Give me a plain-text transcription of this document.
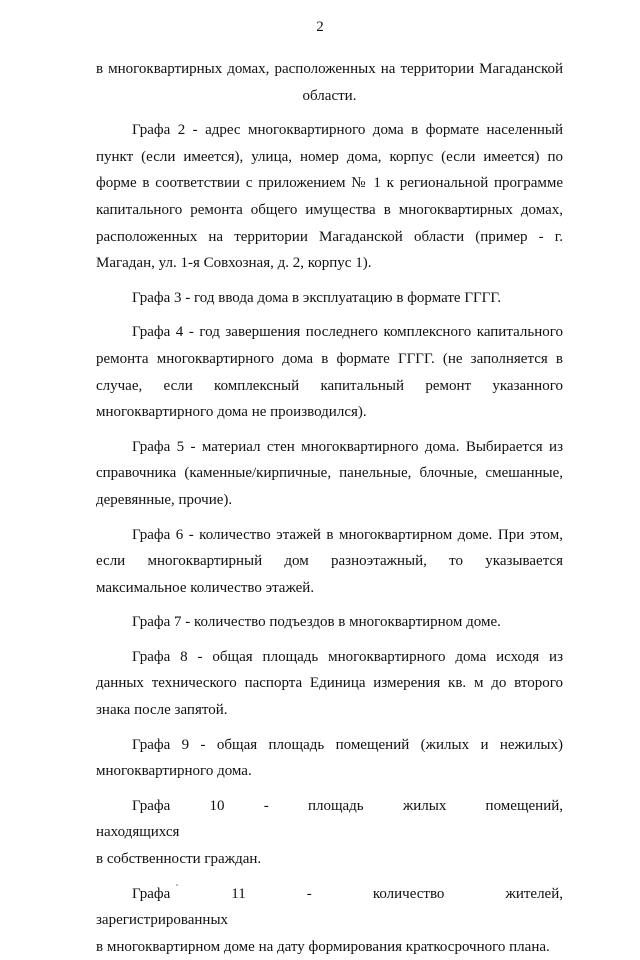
2

в многоквартирных домах, расположенных на территории Магаданской

области.

Графа 2 - адрес многоквартирного дома в формате населенный пункт (если имеется), улица, номер дома, корпус (если имеется) по форме в соответствии с приложением № 1 к региональной программе капитального ремонта общего имущества в многоквартирных домах, расположенных на территории Магаданской области (пример - г. Магадан, ул. 1-я Совхозная, д. 2, корпус 1).

Графа 3 - год ввода дома в эксплуатацию в формате ГГГГ.

Графа 4 - год завершения последнего комплексного капитального ремонта многоквартирного дома в формате ГГГГ. (не заполняется в случае, если комплексный капитальный ремонт указанного многоквартирного дома не производился).

Графа 5 - материал стен многоквартирного дома. Выбирается из справочника (каменные/кирпичные, панельные, блочные, смешанные, деревянные, прочие).

Графа 6 - количество этажей в многоквартирном доме. При этом, если многоквартирный дом разноэтажный, то указывается максимальное количество этажей.

Графа 7 - количество подъездов в многоквартирном доме.

Графа 8 - общая площадь многоквартирного дома исходя из данных технического паспорта Единица измерения кв. м до второго знака после запятой.

Графа 9 - общая площадь помещений (жилых и нежилых) многоквартирного дома.

Графа 10 - площадь жилых помещений, находящихся

в собственности граждан.

Графа 11 - количество жителей, зарегистрированных

в многоквартирном доме на дату формирования краткосрочного плана.
